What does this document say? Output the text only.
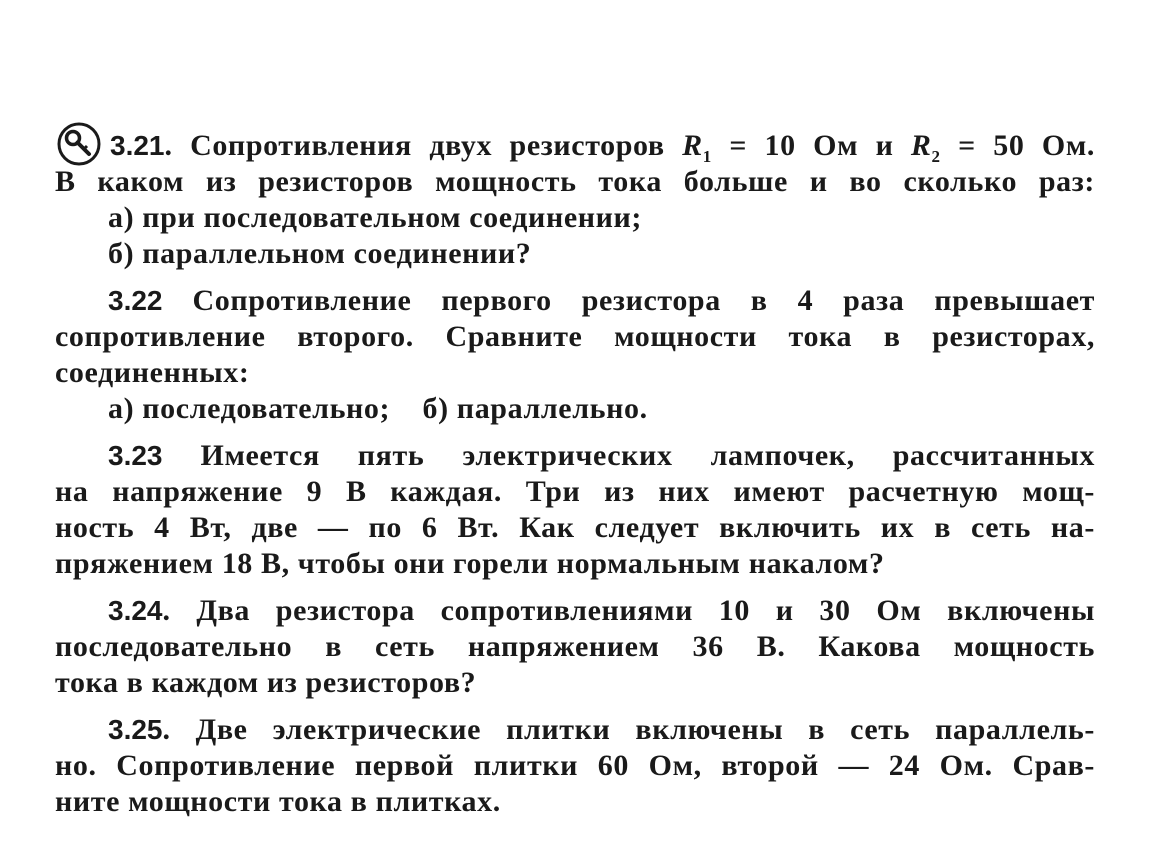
3.21. Сопротивления двух резисторов $R_1 = 10$ Ом и $R_2 = 50$ Ом.
В каком из резисторов мощность тока больше и во сколько раз:
а) при последовательном соединении;
б) параллельном соединении?
3.22 Сопротивление первого резистора в 4 раза превышает
сопротивление второго. Сравните мощности тока в резисторах,
соединенных:
а) последовательно;    б) параллельно.
3.23 Имеется пять электрических лампочек, рассчитанных
на напряжение 9 В каждая. Три из них имеют расчетную мощ-
ность 4 Вт, две — по 6 Вт. Как следует включить их в сеть на-
пряжением 18 В, чтобы они горели нормальным накалом?
3.24. Два резистора сопротивлениями 10 и 30 Ом включены
последовательно в сеть напряжением 36 В. Какова мощность
тока в каждом из резисторов?
3.25. Две электрические плитки включены в сеть параллель-
но. Сопротивление первой плитки 60 Ом, второй — 24 Ом. Срав-
ните мощности тока в плитках.
